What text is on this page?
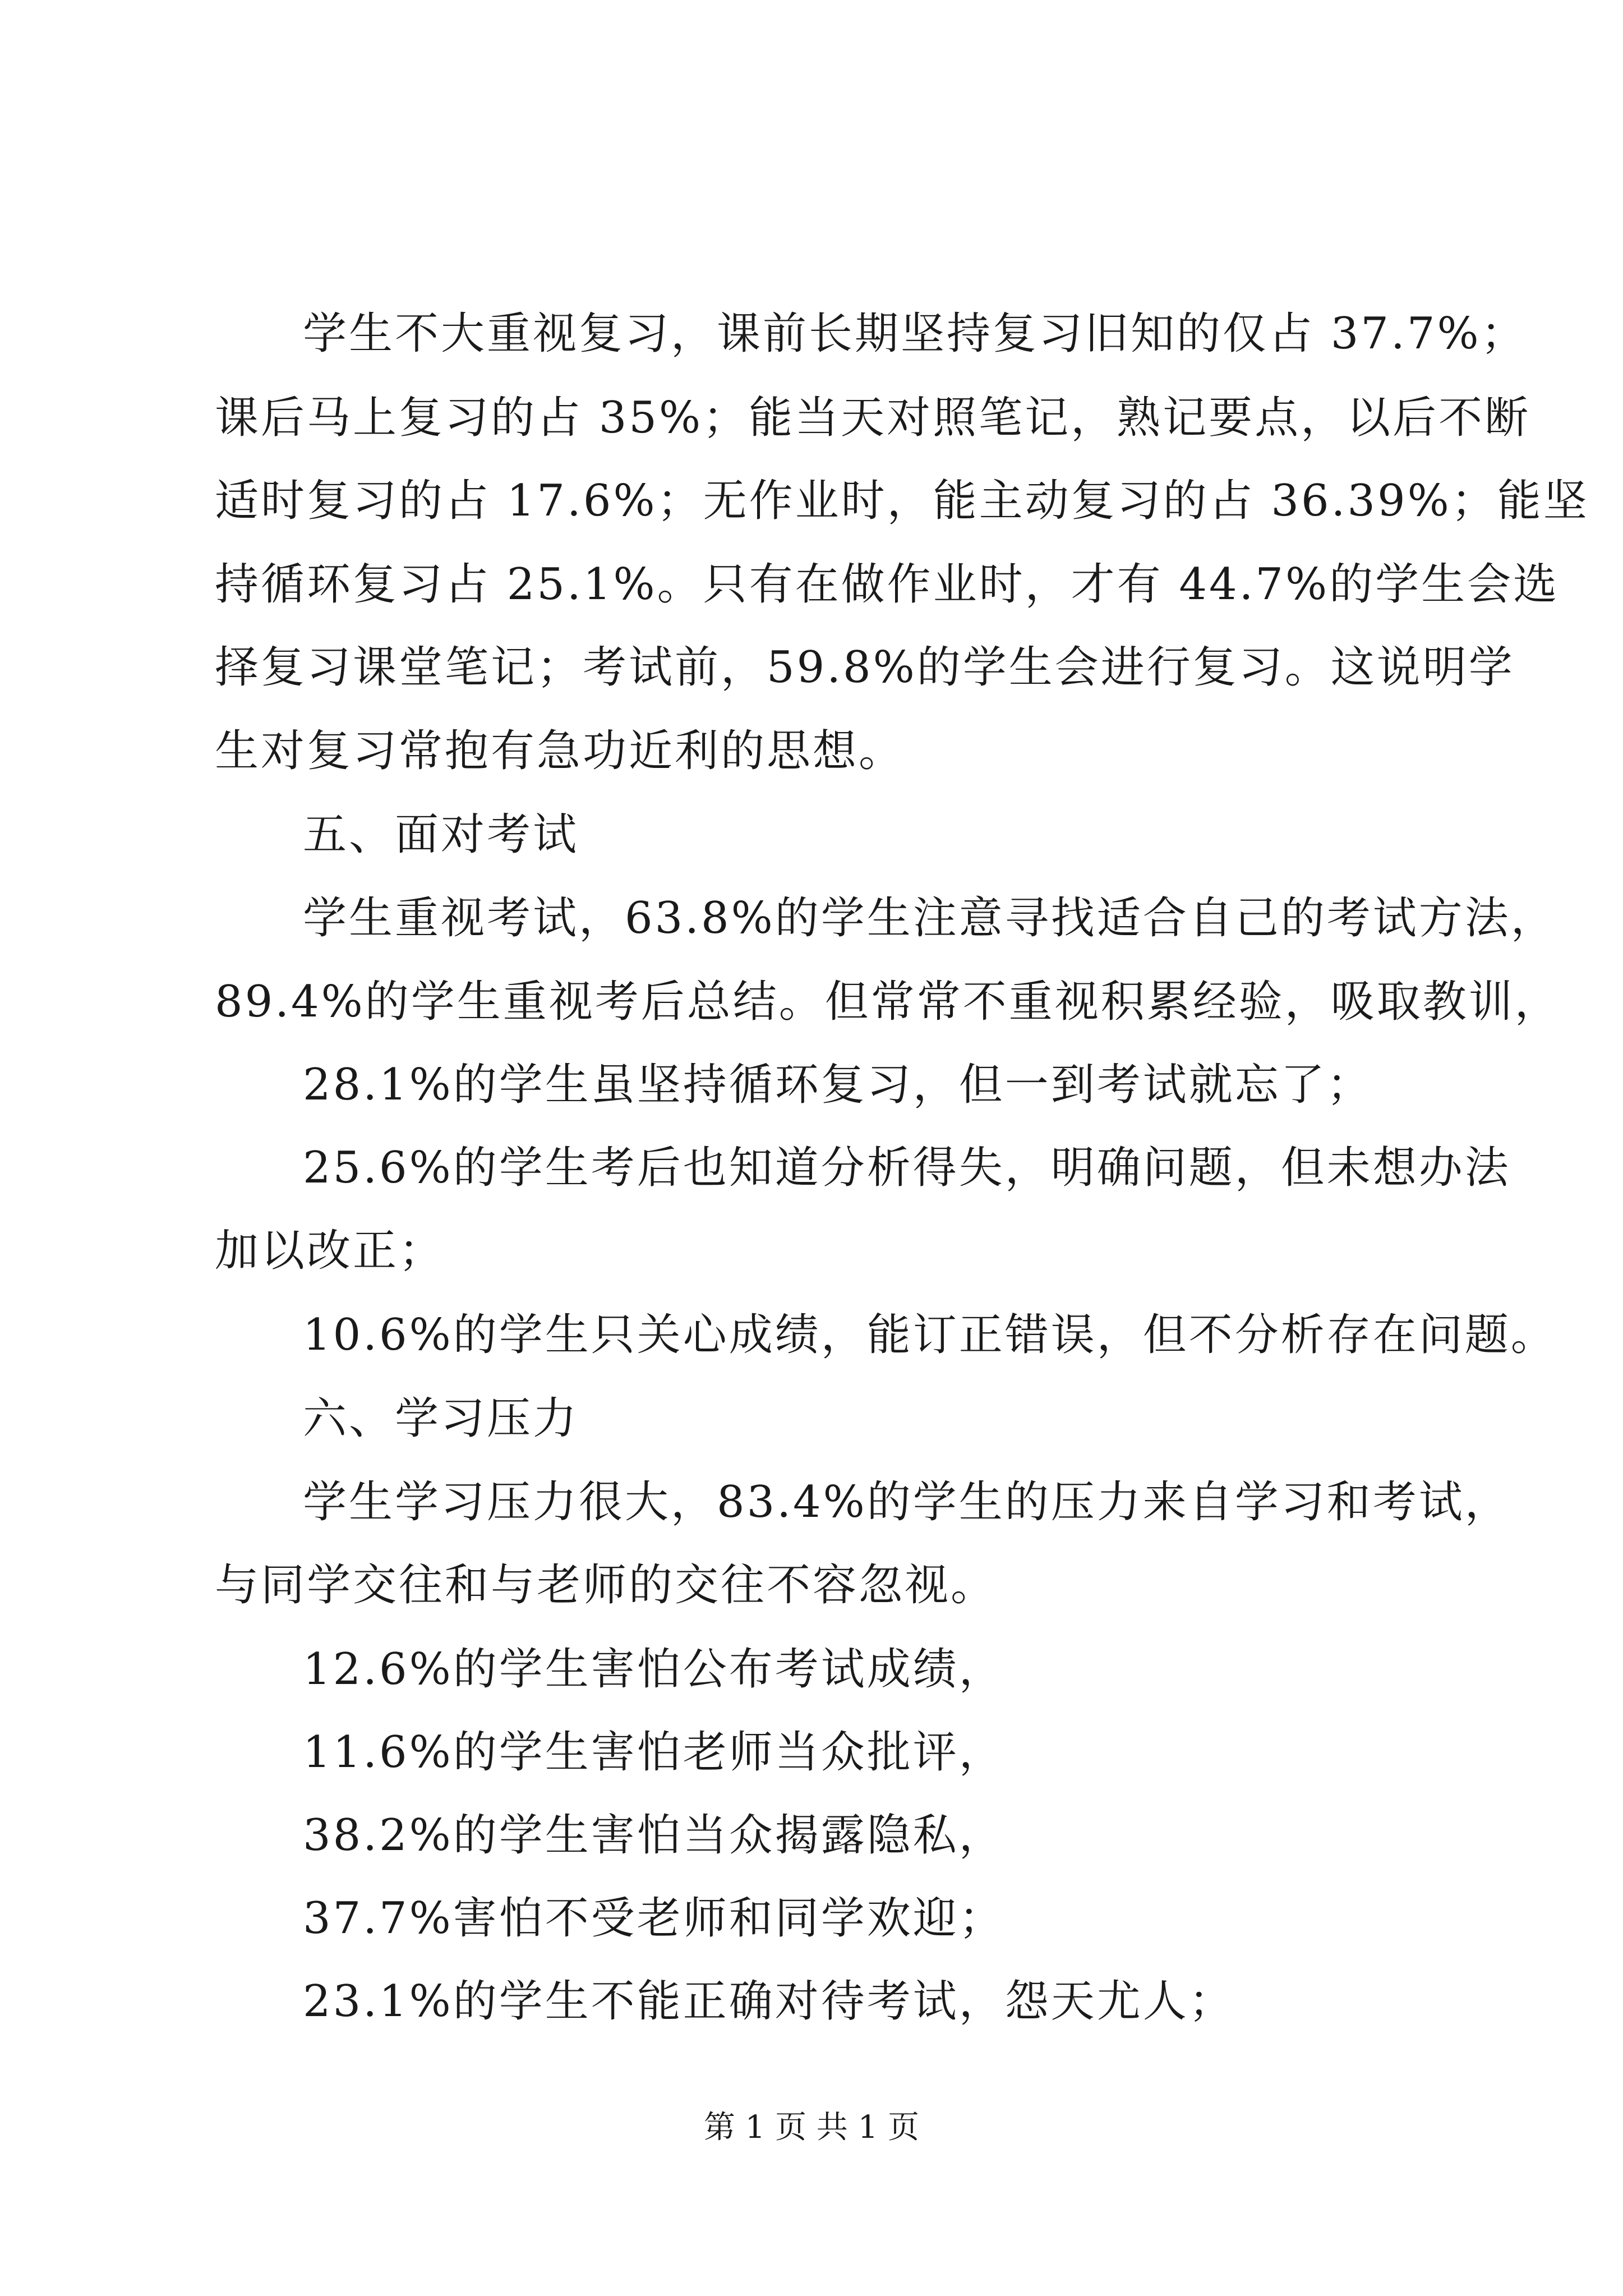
学生不大重视复习，课前长期坚持复习旧知的仅占 37.7%；
课后马上复习的占 35%；能当天对照笔记，熟记要点，以后不断
适时复习的占 17.6%；无作业时，能主动复习的占 36.39%；能坚
持循环复习占 25.1%。只有在做作业时，才有 44.7%的学生会选
择复习课堂笔记；考试前，59.8%的学生会进行复习。这说明学
生对复习常抱有急功近利的思想。
五、面对考试
学生重视考试，63.8%的学生注意寻找适合自己的考试方法，
89.4%的学生重视考后总结。但常常不重视积累经验，吸取教训，
28.1%的学生虽坚持循环复习，但一到考试就忘了；
25.6%的学生考后也知道分析得失，明确问题，但未想办法
加以改正；
10.6%的学生只关心成绩，能订正错误，但不分析存在问题。
六、学习压力
学生学习压力很大，83.4%的学生的压力来自学习和考试，
与同学交往和与老师的交往不容忽视。
12.6%的学生害怕公布考试成绩，
11.6%的学生害怕老师当众批评，
38.2%的学生害怕当众揭露隐私，
37.7%害怕不受老师和同学欢迎；
23.1%的学生不能正确对待考试，怨天尤人；
第 1 页 共 1 页
